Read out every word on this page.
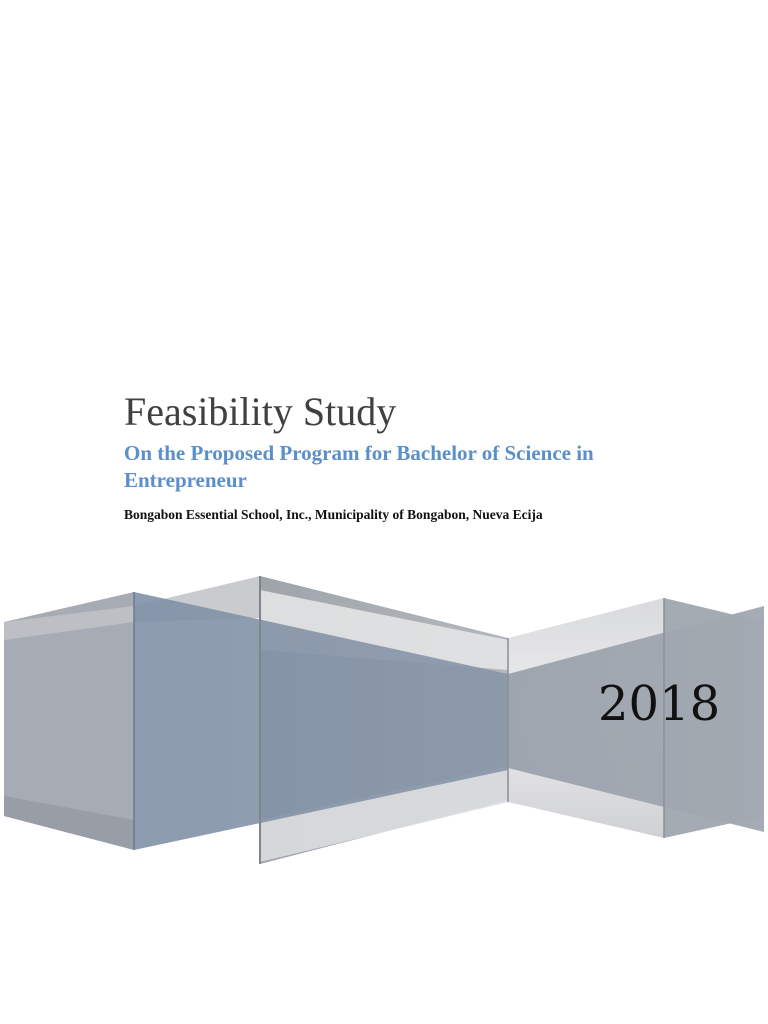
Feasibility Study
On the Proposed Program for Bachelor of Science in Entrepreneur
Bongabon Essential School, Inc., Municipality of Bongabon, Nueva Ecija
2018
